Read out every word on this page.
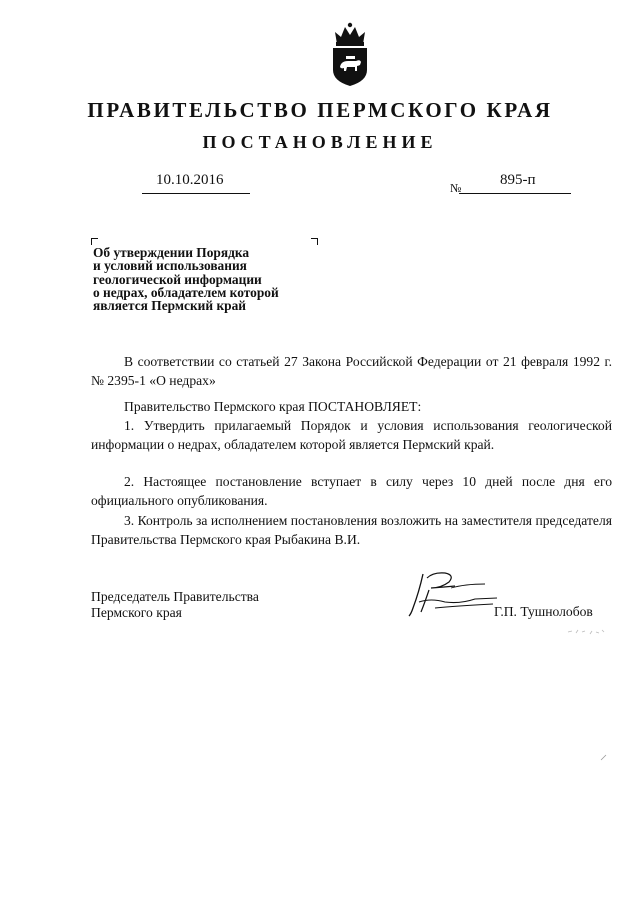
ПРАВИТЕЛЬСТВО ПЕРМСКОГО КРАЯ
ПОСТАНОВЛЕНИЕ
10.10.2016	№	895-п
Об утверждении Порядка
и условий использования
геологической информации
о недрах, обладателем которой
является Пермский край
В соответствии со статьей 27 Закона Российской Федерации от 21 февраля 1992 г. № 2395-1 «О недрах»
Правительство Пермского края ПОСТАНОВЛЯЕТ:
1. Утвердить прилагаемый Порядок и условия использования геологической информации о недрах, обладателем которой является Пермский край.
2. Настоящее постановление вступает в силу через 10 дней после дня его официального опубликования.
3. Контроль за исполнением постановления возложить на заместителя председателя Правительства Пермского края Рыбакина В.И.
Председатель Правительства
Пермского края	Г.П. Тушнолобов
